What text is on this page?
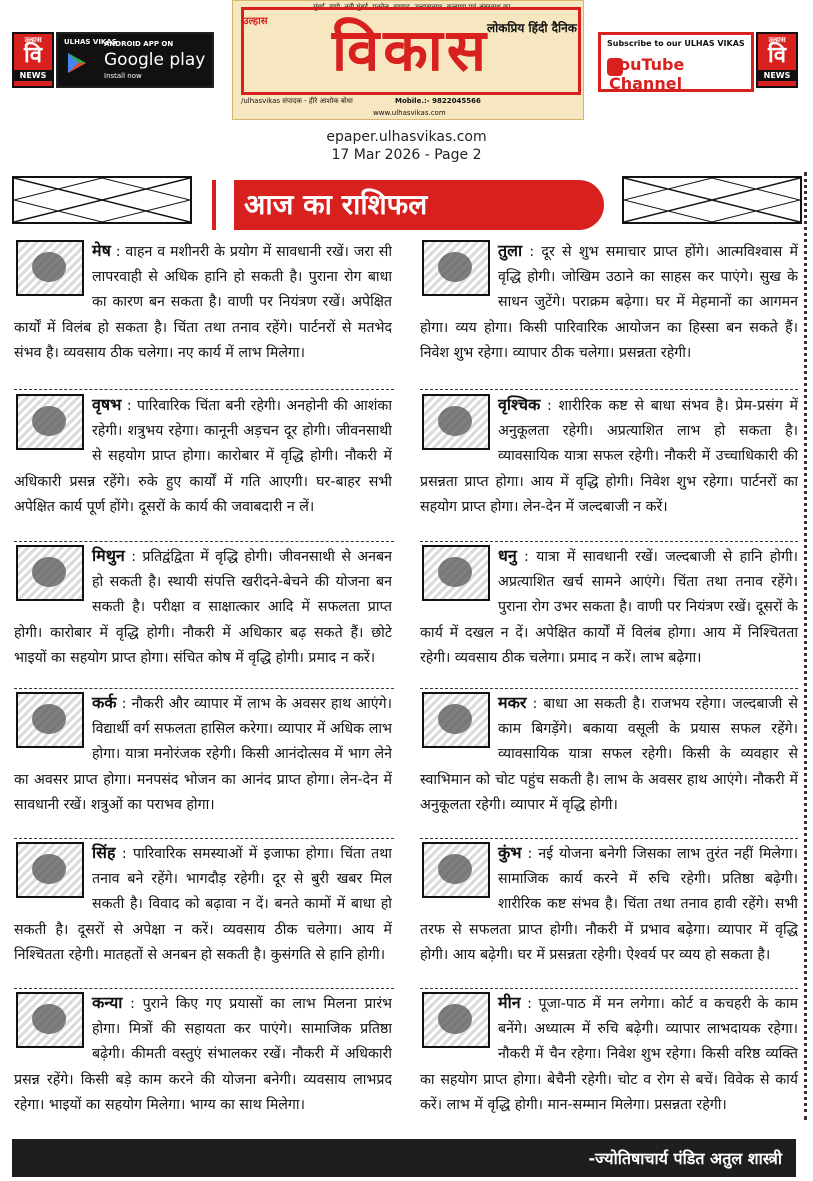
उल्हास
वि
NEWS
ULHAS VIKAS
ANDROID APP ON
Google play
Install now
मुंबई, ठाणे, नवी मुंबई, पनवेल, रायगढ़, उल्हासनगर, कल्याण एवं अंबरनाथ का
विकास
उल्हास	लोकप्रिय हिंदी दैनिक
/ulhasvikas संपादक - हीरे आशोक बोधा	Mobile.:- 9822045566
www.ulhasvikas.com
Subscribe to our ULHAS VIKAS
YouTube Channel
उल्हास
वि
NEWS
epaper.ulhasvikas.com
17 Mar 2026 - Page 2
आज का राशिफल
मेष : वाहन व मशीनरी के प्रयोग में सावधानी रखें। जरा सी लापरवाही से अधिक हानि हो सकती है। पुराना रोग बाधा का कारण बन सकता है। वाणी पर नियंत्रण रखें। अपेक्षित कार्यों में विलंब हो सकता है। चिंता तथा तनाव रहेंगे। पार्टनरों से मतभेद संभव है। व्यवसाय ठीक चलेगा। नए कार्य में लाभ मिलेगा।
वृषभ : पारिवारिक चिंता बनी रहेगी। अनहोनी की आशंका रहेगी। शत्रुभय रहेगा। कानूनी अड़चन दूर होगी। जीवनसाथी से सहयोग प्राप्त होगा। कारोबार में वृद्धि होगी। नौकरी में अधिकारी प्रसन्न रहेंगे। रुके हुए कार्यों में गति आएगी। घर-बाहर सभी अपेक्षित कार्य पूर्ण होंगे। दूसरों के कार्य की जवाबदारी न लें।
मिथुन : प्रतिद्वंद्विता में वृद्धि होगी। जीवनसाथी से अनबन हो सकती है। स्थायी संपत्ति खरीदने-बेचने की योजना बन सकती है। परीक्षा व साक्षात्कार आदि में सफलता प्राप्त होगी। कारोबार में वृद्धि होगी। नौकरी में अधिकार बढ़ सकते हैं। छोटे भाइयों का सहयोग प्राप्त होगा। संचित कोष में वृद्धि होगी। प्रमाद न करें।
कर्क : नौकरी और व्यापार में लाभ के अवसर हाथ आएंगे। विद्यार्थी वर्ग सफलता हासिल करेगा। व्यापार में अधिक लाभ होगा। यात्रा मनोरंजक रहेगी। किसी आनंदोत्सव में भाग लेने का अवसर प्राप्त होगा। मनपसंद भोजन का आनंद प्राप्त होगा। लेन-देन में सावधानी रखें। शत्रुओं का पराभव होगा।
सिंह : पारिवारिक समस्याओं में इजाफा होगा। चिंता तथा तनाव बने रहेंगे। भागदौड़ रहेगी। दूर से बुरी खबर मिल सकती है। विवाद को बढ़ावा न दें। बनते कामों में बाधा हो सकती है। दूसरों से अपेक्षा न करें। व्यवसाय ठीक चलेगा। आय में निश्चितता रहेगी। मातहतों से अनबन हो सकती है। कुसंगति से हानि होगी।
कन्या : पुराने किए गए प्रयासों का लाभ मिलना प्रारंभ होगा। मित्रों की सहायता कर पाएंगे। सामाजिक प्रतिष्ठा बढ़ेगी। कीमती वस्तुएं संभालकर रखें। नौकरी में अधिकारी प्रसन्न रहेंगे। किसी बड़े काम करने की योजना बनेगी। व्यवसाय लाभप्रद रहेगा। भाइयों का सहयोग मिलेगा। भाग्य का साथ मिलेगा।
तुला : दूर से शुभ समाचार प्राप्त होंगे। आत्मविश्वास में वृद्धि होगी। जोखिम उठाने का साहस कर पाएंगे। सुख के साधन जुटेंगे। पराक्रम बढ़ेगा। घर में मेहमानों का आगमन होगा। व्यय होगा। किसी पारिवारिक आयोजन का हिस्सा बन सकते हैं। निवेश शुभ रहेगा। व्यापार ठीक चलेगा। प्रसन्नता रहेगी।
वृश्चिक : शारीरिक कष्ट से बाधा संभव है। प्रेम-प्रसंग में अनुकूलता रहेगी। अप्रत्याशित लाभ हो सकता है। व्यावसायिक यात्रा सफल रहेगी। नौकरी में उच्चाधिकारी की प्रसन्नता प्राप्त होगा। आय में वृद्धि होगी। निवेश शुभ रहेगा। पार्टनरों का सहयोग प्राप्त होगा। लेन-देन में जल्दबाजी न करें।
धनु : यात्रा में सावधानी रखें। जल्दबाजी से हानि होगी। अप्रत्याशित खर्च सामने आएंगे। चिंता तथा तनाव रहेंगे। पुराना रोग उभर सकता है। वाणी पर नियंत्रण रखें। दूसरों के कार्य में दखल न दें। अपेक्षित कार्यों में विलंब होगा। आय में निश्चितता रहेगी। व्यवसाय ठीक चलेगा। प्रमाद न करें। लाभ बढ़ेगा।
मकर : बाधा आ सकती है। राजभय रहेगा। जल्दबाजी से काम बिगड़ेंगे। बकाया वसूली के प्रयास सफल रहेंगे। व्यावसायिक यात्रा सफल रहेगी। किसी के व्यवहार से स्वाभिमान को चोट पहुंच सकती है। लाभ के अवसर हाथ आएंगे। नौकरी में अनुकूलता रहेगी। व्यापार में वृद्धि होगी।
कुंभ : नई योजना बनेगी जिसका लाभ तुरंत नहीं मिलेगा। सामाजिक कार्य करने में रुचि रहेगी। प्रतिष्ठा बढ़ेगी। शारीरिक कष्ट संभव है। चिंता तथा तनाव हावी रहेंगे। सभी तरफ से सफलता प्राप्त होगी। नौकरी में प्रभाव बढ़ेगा। व्यापार में वृद्धि होगी। आय बढ़ेगी। घर में प्रसन्नता रहेगी। ऐश्वर्य पर व्यय हो सकता है।
मीन : पूजा-पाठ में मन लगेगा। कोर्ट व कचहरी के काम बनेंगे। अध्यात्म में रुचि बढ़ेगी। व्यापार लाभदायक रहेगा। नौकरी में चैन रहेगा। निवेश शुभ रहेगा। किसी वरिष्ठ व्यक्ति का सहयोग प्राप्त होगा। बेचैनी रहेगी। चोट व रोग से बचें। विवेक से कार्य करें। लाभ में वृद्धि होगी। मान-सम्मान मिलेगा। प्रसन्नता रहेगी।
-ज्योतिषाचार्य पंडित अतुल शास्त्री
